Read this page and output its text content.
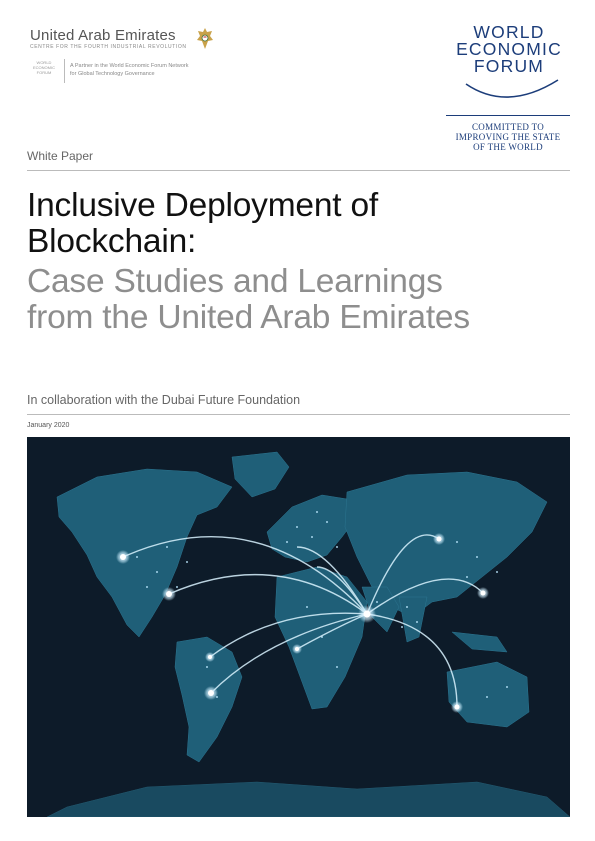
United Arab Emirates
CENTRE FOR THE FOURTH INDUSTRIAL REVOLUTION
WORLD ECONOMIC FORUM
A Partner in the World Economic Forum Network
for Global Technology Governance
WORLD
ECONOMIC
FORUM
COMMITTED TO
IMPROVING THE STATE
OF THE WORLD
White Paper
Inclusive Deployment of
Blockchain:
Case Studies and Learnings
from the United Arab Emirates
In collaboration with the Dubai Future Foundation
January 2020
